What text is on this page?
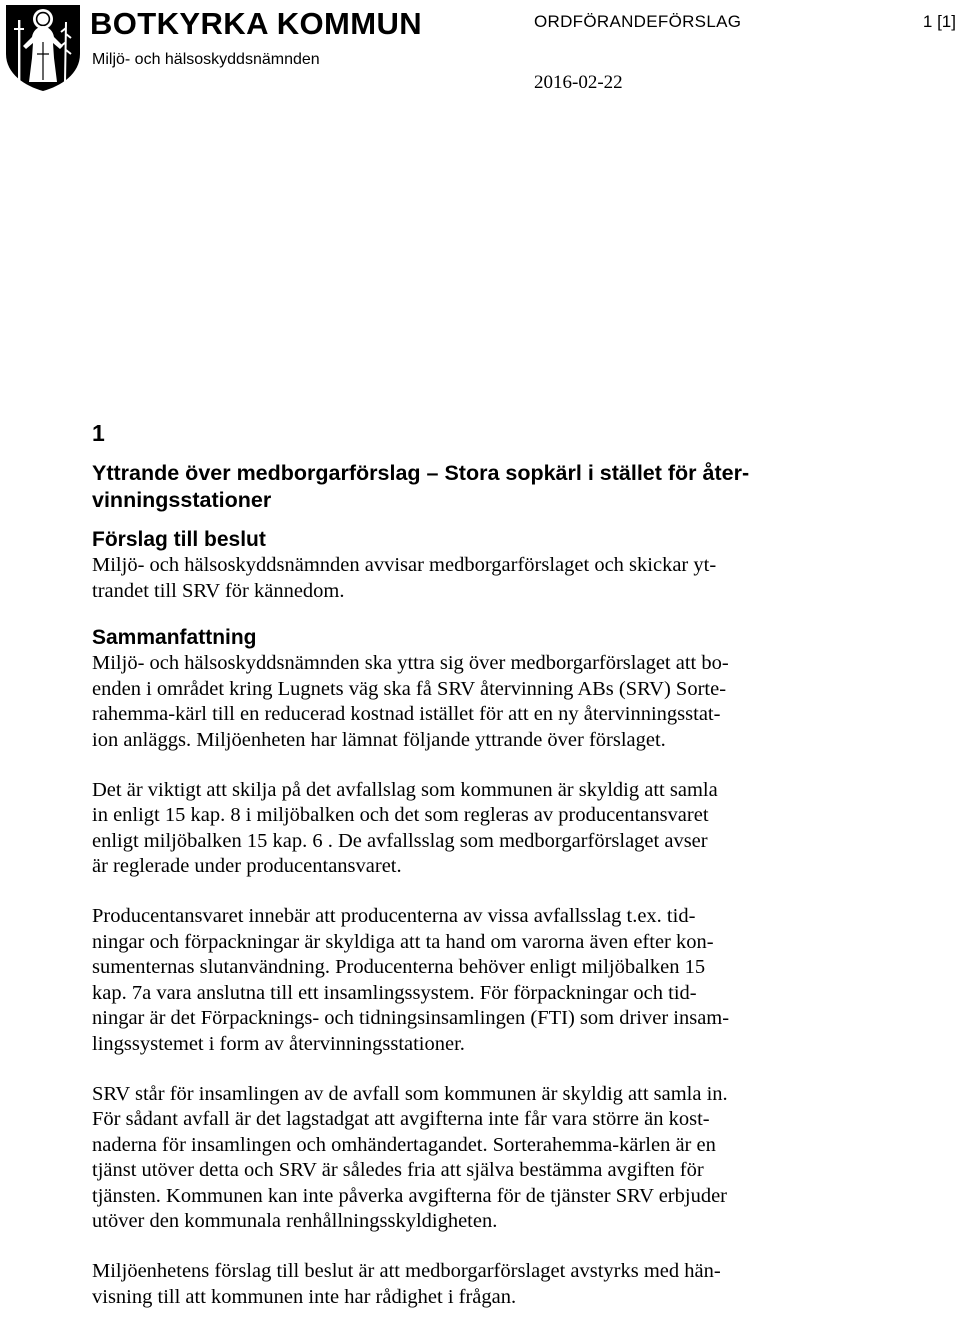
BOTKYRKA KOMMUN
Miljö- och hälsoskyddsnämnden
ORDFÖRANDEFÖRSLAG	1 [1]
2016-02-22
1
Yttrande över medborgarförslag – Stora sopkärl i stället för åter-
vinningsstationer
Förslag till beslut
Miljö- och hälsoskyddsnämnden avvisar medborgarförslaget och skickar yt-
trandet till SRV för kännedom.
Sammanfattning
Miljö- och hälsoskyddsnämnden ska yttra sig över medborgarförslaget att bo-
enden i området kring Lugnets väg ska få SRV återvinning ABs (SRV) Sorte-
rahemma-kärl till en reducerad kostnad istället för att en ny återvinningsstat-
ion anläggs. Miljöenheten har lämnat följande yttrande över förslaget.
Det är viktigt att skilja på det avfallslag som kommunen är skyldig att samla
in enligt 15 kap. 8 i miljöbalken och det som regleras av producentansvaret
enligt miljöbalken 15 kap. 6 . De avfallsslag som medborgarförslaget avser
är reglerade under producentansvaret.
Producentansvaret innebär att producenterna av vissa avfallsslag t.ex. tid-
ningar och förpackningar är skyldiga att ta hand om varorna även efter kon-
sumenternas slutanvändning. Producenterna behöver enligt miljöbalken 15
kap. 7a vara anslutna till ett insamlingssystem. För förpackningar och tid-
ningar är det Förpacknings- och tidningsinsamlingen (FTI) som driver insam-
lingssystemet i form av återvinningsstationer.
SRV står för insamlingen av de avfall som kommunen är skyldig att samla in.
För sådant avfall är det lagstadgat att avgifterna inte får vara större än kost-
naderna för insamlingen och omhändertagandet. Sorterahemma-kärlen är en
tjänst utöver detta och SRV är således fria att själva bestämma avgiften för
tjänsten. Kommunen kan inte påverka avgifterna för de tjänster SRV erbjuder
utöver den kommunala renhållningsskyldigheten.
Miljöenhetens förslag till beslut är att medborgarförslaget avstyrks med hän-
visning till att kommunen inte har rådighet i frågan.
